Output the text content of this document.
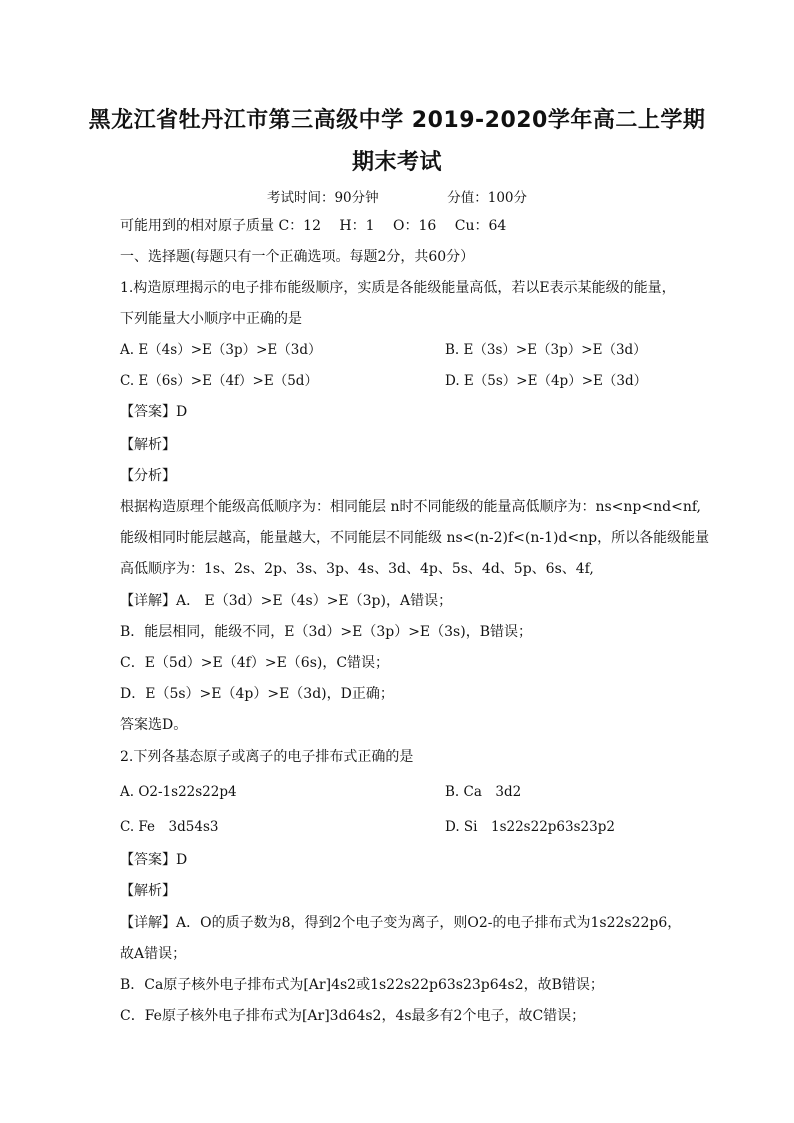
黑龙江省牡丹江市第三高级中学 2019-2020学年高二上学期
期末考试
考试时间：90分钟	分值：100分
可能用到的相对原子质量 C：12　 H：1　 O：16　 Cu：64
一、选择题(每题只有一个正确选项。每题2分，共60分）
1.构造原理揭示的电子排布能级顺序，实质是各能级能量高低，若以E表示某能级的能量，
下列能量大小顺序中正确的是
A. E（4s）>E（3p）>E（3d）	B. E（3s）>E（3p）>E（3d）
C. E（6s）>E（4f）>E（5d）	D. E（5s）>E（4p）>E（3d）
【答案】D
【解析】
【分析】
根据构造原理个能级高低顺序为：相同能层 n时不同能级的能量高低顺序为：ns<np<nd<nf,
能级相同时能层越高，能量越大，不同能层不同能级 ns<(n-2)f<(n-1)d<np，所以各能级能量
高低顺序为：1s、2s、2p、3s、3p、4s、3d、4p、5s、4d、5p、6s、4f,
【详解】A． E（3d）>E（4s）>E（3p)，A错误；
B．能层相同，能级不同，E（3d）>E（3p）>E（3s)，B错误；
C．E（5d）>E（4f）>E（6s)，C错误；
D．E（5s）>E（4p）>E（3d)，D正确；
答案选D。
2.下列各基态原子或离子的电子排布式正确的是
A. O2-1s22s22p4	B. Ca　3d2
C. Fe　3d54s3	D. Si　1s22s22p63s23p2
【答案】D
【解析】
【详解】A．O的质子数为8，得到2个电子变为离子，则O2-的电子排布式为1s22s22p6，
故A错误；
B．Ca原子核外电子排布式为[Ar]4s2或1s22s22p63s23p64s2，故B错误；
C．Fe原子核外电子排布式为[Ar]3d64s2，4s最多有2个电子，故C错误；
